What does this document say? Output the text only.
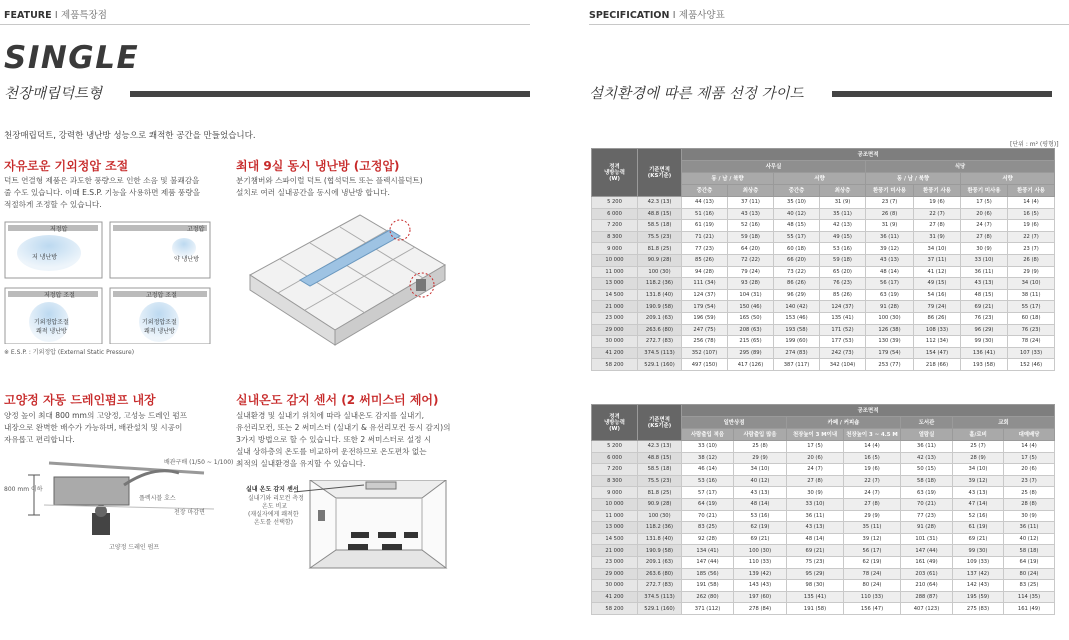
FEATURE I 제품특장점
SINGLE
천장매립덕트형
천장매립덕트, 강력한 냉난방 성능으로 쾌적한 공간을 만들었습니다.
자유로운 기외정압 조절
덕트 연결형 제품은 과도한 풍량으로 인한 소음 및 불쾌감을
줄 수도 있습니다. 이때 E.S.P. 기능을 사용하면 제품 풍량을
적절하게 조정할 수 있습니다.
저정압	고정압
저정압 조절	고정압 조절
저 냉난방	약 냉난방
기외정압조절
쾌적 냉난방
기외정압조절
쾌적 냉난방
※ E.S.P. : 기외정압 (External Static Pressure)
최대 9실 동시 냉난방 (고정압)
분기챔버와 스파이럴 덕트 (협석덕트 또는 플렉시블덕트)
설치로 여러 실내공간을 동시에 냉난방 합니다.
고양정 자동 드레인펌프 내장
양정 높이 최대 800 mm의 고양정, 고성능 드레인 펌프
내장으로 완벽한 배수가 가능하며, 배관설치 및 시공이
자유롭고 편리합니다.
800 mm 이하
배관구배 (1/50 ~ 1/100)
플렉시블 호스
천장 마감면
고양정 드레인 펌프
실내온도 감지 센서 (2 써미스터 제어)
실내환경 및 실내기 위치에 따라 실내온도 감지를 실내기,
유선리모컨, 또는 2 써미스터 (실내기 & 유선리모컨 동시 감지)의
3가지 방법으로 할 수 있습니다. 또한 2 써미스터로 설정 시
실내 상하층의 온도를 비교하여 운전하므로 온도편차 없는
최적의 실내환경을 유지할 수 있습니다.
실내 온도 감지 센서
실내기와 리모컨 측정
온도 비교
(재실자에게 쾌적한
온도를 선택함)
SPECIFICATION I 제품사양표
설치환경에 따른 제품 선정 가이드
[단위 : m² (평형)]
정격
냉방능력
(W)	기준면적
(KS기준)	공조면적							
		사무실				식당			
		동 / 남 / 북향		서향		동 / 남 / 북향		서향	
		중간층	최상층	중간층	최상층	환풍기 미사용	환풍기 사용	환풍기 미사용	환풍기 사용
5 200	42.3 (13)	44 (13)	37 (11)	35 (10)	31 (9)	23 (7)	19 (6)	17 (5)	14 (4)
6 000	48.8 (15)	51 (16)	43 (13)	40 (12)	35 (11)	26 (8)	22 (7)	20 (6)	16 (5)
7 200	58.5 (18)	61 (19)	52 (16)	48 (15)	42 (13)	31 (9)	27 (8)	24 (7)	19 (6)
8 300	75.5 (23)	71 (21)	59 (18)	55 (17)	49 (15)	36 (11)	31 (9)	27 (8)	22 (7)
9 000	81.8 (25)	77 (23)	64 (20)	60 (18)	53 (16)	39 (12)	34 (10)	30 (9)	23 (7)
10 000	90.9 (28)	85 (26)	72 (22)	66 (20)	59 (18)	43 (13)	37 (11)	33 (10)	26 (8)
11 000	100 (30)	94 (28)	79 (24)	73 (22)	65 (20)	48 (14)	41 (12)	36 (11)	29 (9)
13 000	118.2 (36)	111 (34)	93 (28)	86 (26)	76 (23)	56 (17)	49 (15)	43 (13)	34 (10)
14 500	131.8 (40)	124 (37)	104 (31)	96 (29)	85 (26)	63 (19)	54 (16)	48 (15)	38 (11)
21 000	190.9 (58)	179 (54)	150 (46)	140 (42)	124 (37)	91 (28)	79 (24)	69 (21)	55 (17)
23 000	209.1 (63)	196 (59)	165 (50)	153 (46)	135 (41)	100 (30)	86 (26)	76 (23)	60 (18)
29 000	263.6 (80)	247 (75)	208 (63)	193 (58)	171 (52)	126 (38)	108 (33)	96 (29)	76 (23)
30 000	272.7 (83)	256 (78)	215 (65)	199 (60)	177 (53)	130 (39)	112 (34)	99 (30)	78 (24)
41 200	374.5 (113)	352 (107)	295 (89)	274 (83)	242 (73)	179 (54)	154 (47)	136 (41)	107 (33)
58 200	529.1 (160)	497 (150)	417 (126)	387 (117)	342 (104)	253 (77)	218 (66)	193 (58)	152 (46)
정격
냉방능력
(W)	기준면적
(KS기준)	공조면적						
		일반상점		카페 / 커피숍		도서관	교회	
		사람출입 적음	사람출입 많음	천장높이 3 M이내	천장높이 3 ~ 4.5 M	열람실	홀/로비	대예배당
5 200	42.3 (13)	33 (10)	25 (8)	17 (5)	14 (4)	36 (11)	25 (7)	14 (4)
6 000	48.8 (15)	38 (12)	29 (9)	20 (6)	16 (5)	42 (13)	28 (9)	17 (5)
7 200	58.5 (18)	46 (14)	34 (10)	24 (7)	19 (6)	50 (15)	34 (10)	20 (6)
8 300	75.5 (23)	53 (16)	40 (12)	27 (8)	22 (7)	58 (18)	39 (12)	23 (7)
9 000	81.8 (25)	57 (17)	43 (13)	30 (9)	24 (7)	63 (19)	43 (13)	25 (8)
10 000	90.9 (28)	64 (19)	48 (14)	33 (10)	27 (8)	70 (21)	47 (14)	28 (8)
11 000	100 (30)	70 (21)	53 (16)	36 (11)	29 (9)	77 (23)	52 (16)	30 (9)
13 000	118.2 (36)	83 (25)	62 (19)	43 (13)	35 (11)	91 (28)	61 (19)	36 (11)
14 500	131.8 (40)	92 (28)	69 (21)	48 (14)	39 (12)	101 (31)	69 (21)	40 (12)
21 000	190.9 (58)	134 (41)	100 (30)	69 (21)	56 (17)	147 (44)	99 (30)	58 (18)
23 000	209.1 (63)	147 (44)	110 (33)	75 (23)	62 (19)	161 (49)	109 (33)	64 (19)
29 000	263.6 (80)	185 (56)	139 (42)	95 (29)	78 (24)	203 (61)	137 (42)	80 (24)
30 000	272.7 (83)	191 (58)	143 (43)	98 (30)	80 (24)	210 (64)	142 (43)	83 (25)
41 200	374.5 (113)	262 (80)	197 (60)	135 (41)	110 (33)	288 (87)	195 (59)	114 (35)
58 200	529.1 (160)	371 (112)	278 (84)	191 (58)	156 (47)	407 (123)	275 (83)	161 (49)
